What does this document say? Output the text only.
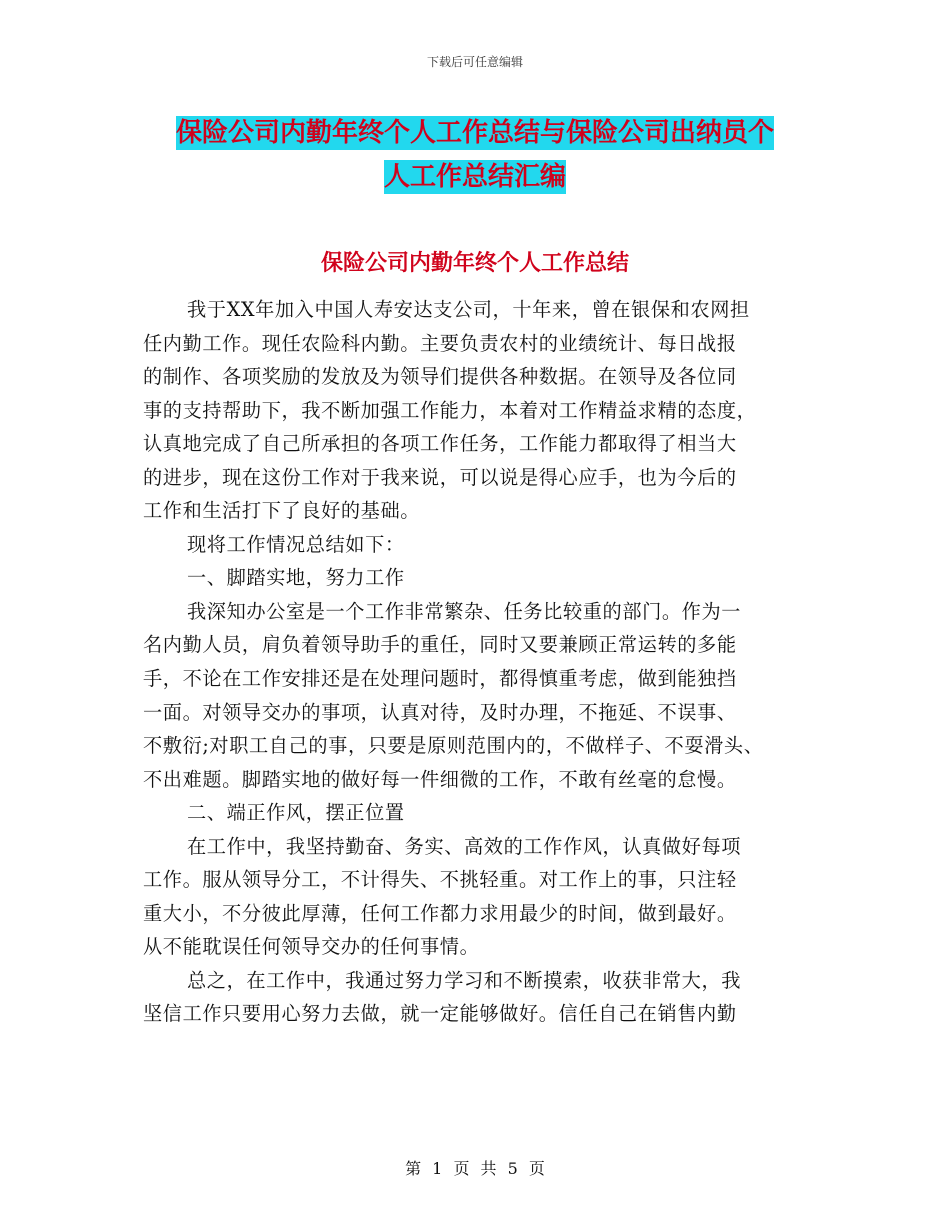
下载后可任意编辑
保险公司内勤年终个人工作总结与保险公司出纳员个
人工作总结汇编
保险公司内勤年终个人工作总结
我于XX年加入中国人寿安达支公司，十年来，曾在银保和农网担
任内勤工作。现任农险科内勤。主要负责农村的业绩统计、每日战报
的制作、各项奖励的发放及为领导们提供各种数据。在领导及各位同
事的支持帮助下，我不断加强工作能力，本着对工作精益求精的态度，
认真地完成了自己所承担的各项工作任务，工作能力都取得了相当大
的进步，现在这份工作对于我来说，可以说是得心应手，也为今后的
工作和生活打下了良好的基础。
现将工作情况总结如下：
一、脚踏实地，努力工作
我深知办公室是一个工作非常繁杂、任务比较重的部门。作为一
名内勤人员，肩负着领导助手的重任，同时又要兼顾正常运转的多能
手，不论在工作安排还是在处理问题时，都得慎重考虑，做到能独挡
一面。对领导交办的事项，认真对待，及时办理，不拖延、不误事、
不敷衍;对职工自己的事，只要是原则范围内的，不做样子、不耍滑头、
不出难题。脚踏实地的做好每一件细微的工作，不敢有丝毫的怠慢。
二、端正作风，摆正位置
在工作中，我坚持勤奋、务实、高效的工作作风，认真做好每项
工作。服从领导分工，不计得失、不挑轻重。对工作上的事，只注轻
重大小，不分彼此厚薄，任何工作都力求用最少的时间，做到最好。
从不能耽误任何领导交办的任何事情。
总之，在工作中，我通过努力学习和不断摸索，收获非常大，我
坚信工作只要用心努力去做，就一定能够做好。信任自己在销售内勤
第 1 页 共 5 页
